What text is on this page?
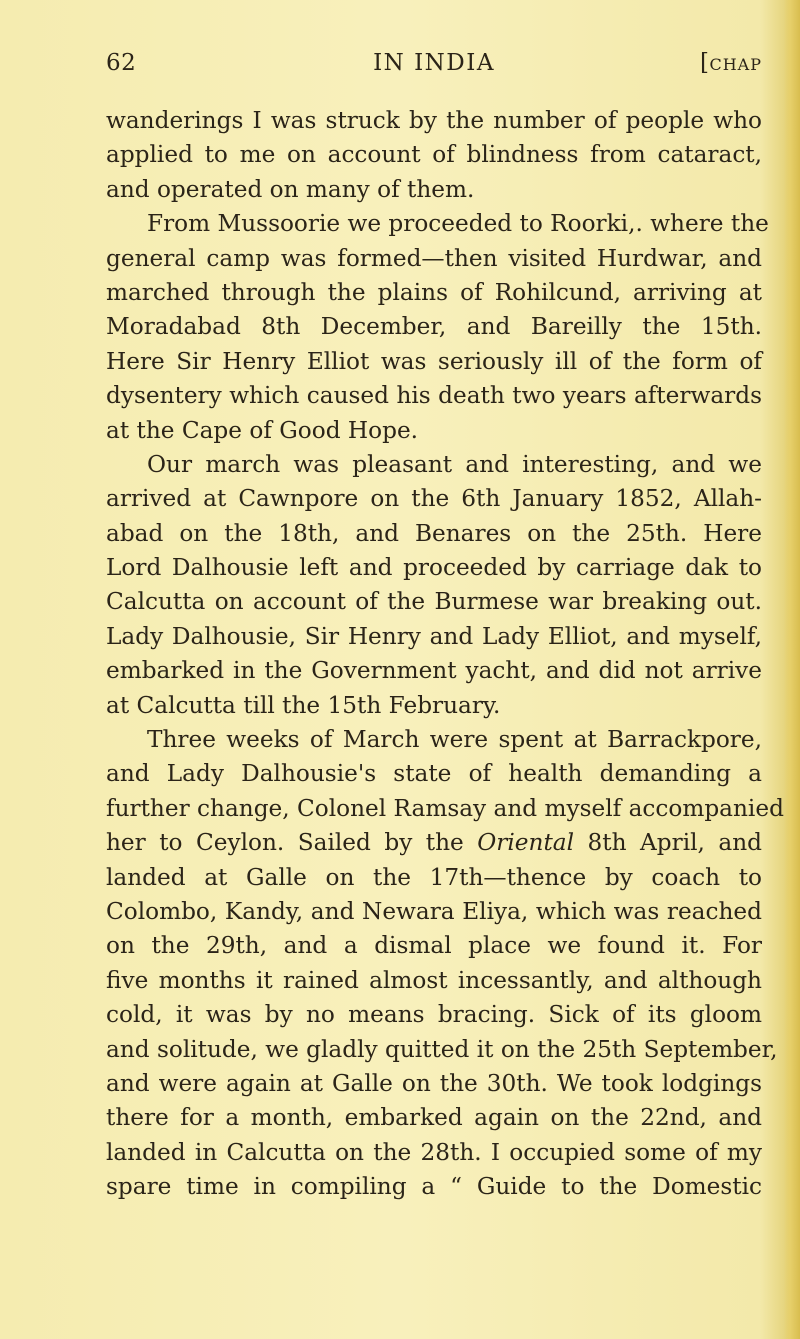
62	IN INDIA	[CHAP
wanderings I was struck by the number of people who
applied to me on account of blindness from cataract,
and operated on many of them.
From Mussoorie we proceeded to Roorki,. where the
general camp was formed—then visited Hurdwar, and
marched through the plains of Rohilcund, arriving at
Moradabad 8th December, and Bareilly the 15th.
Here Sir Henry Elliot was seriously ill of the form of
dysentery which caused his death two years afterwards
at the Cape of Good Hope.
Our march was pleasant and interesting, and we
arrived at Cawnpore on the 6th January 1852, Allah-
abad on the 18th, and Benares on the 25th. Here
Lord Dalhousie left and proceeded by carriage dak to
Calcutta on account of the Burmese war breaking out.
Lady Dalhousie, Sir Henry and Lady Elliot, and myself,
embarked in the Government yacht, and did not arrive
at Calcutta till the 15th February.
Three weeks of March were spent at Barrackpore,
and Lady Dalhousie's state of health demanding a
further change, Colonel Ramsay and myself accompanied
her to Ceylon. Sailed by the Oriental 8th April, and
landed at Galle on the 17th—thence by coach to
Colombo, Kandy, and Newara Eliya, which was reached
on the 29th, and a dismal place we found it. For
five months it rained almost incessantly, and although
cold, it was by no means bracing. Sick of its gloom
and solitude, we gladly quitted it on the 25th September,
and were again at Galle on the 30th. We took lodgings
there for a month, embarked again on the 22nd, and
landed in Calcutta on the 28th. I occupied some of my
spare time in compiling a “ Guide to the Domestic
